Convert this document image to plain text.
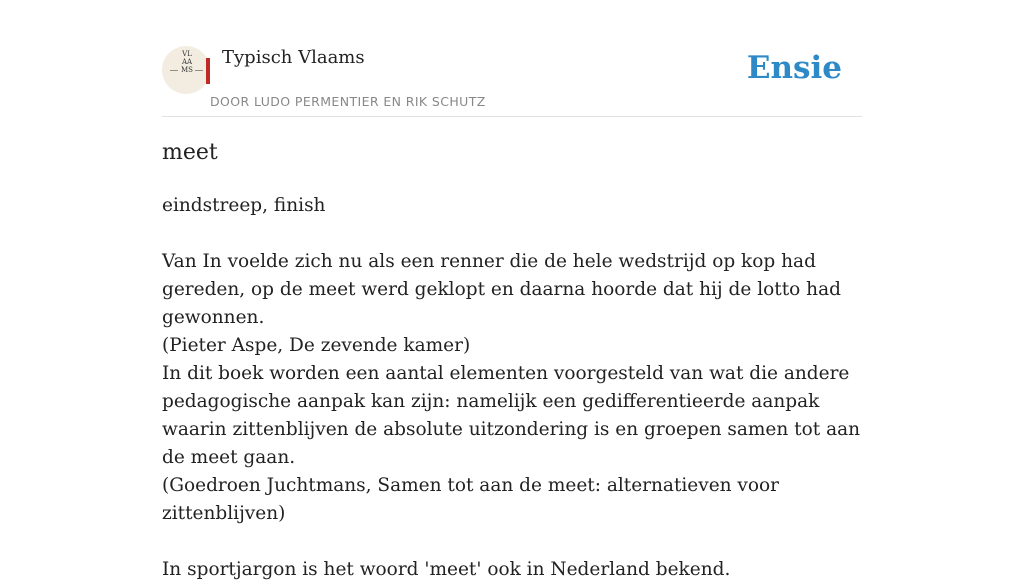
VLAAMS
Typisch Vlaams
DOOR LUDO PERMENTIER EN RIK SCHUTZ
Ensie
meet

eindstreep, finish

Van In voelde zich nu als een renner die de hele wedstrijd op kop had gereden, op de meet werd geklopt en daarna hoorde dat hij de lotto had gewonnen.

(Pieter Aspe, De zevende kamer)

In dit boek worden een aantal elementen voorgesteld van wat die andere pedagogische aanpak kan zijn: namelijk een gedifferentieerde aanpak waarin zittenblijven de absolute uitzondering is en groepen samen tot aan de meet gaan.

(Goedroen Juchtmans, Samen tot aan de meet: alternatieven voor zittenblijven)

In sportjargon is het woord 'meet' ook in Nederland bekend.
